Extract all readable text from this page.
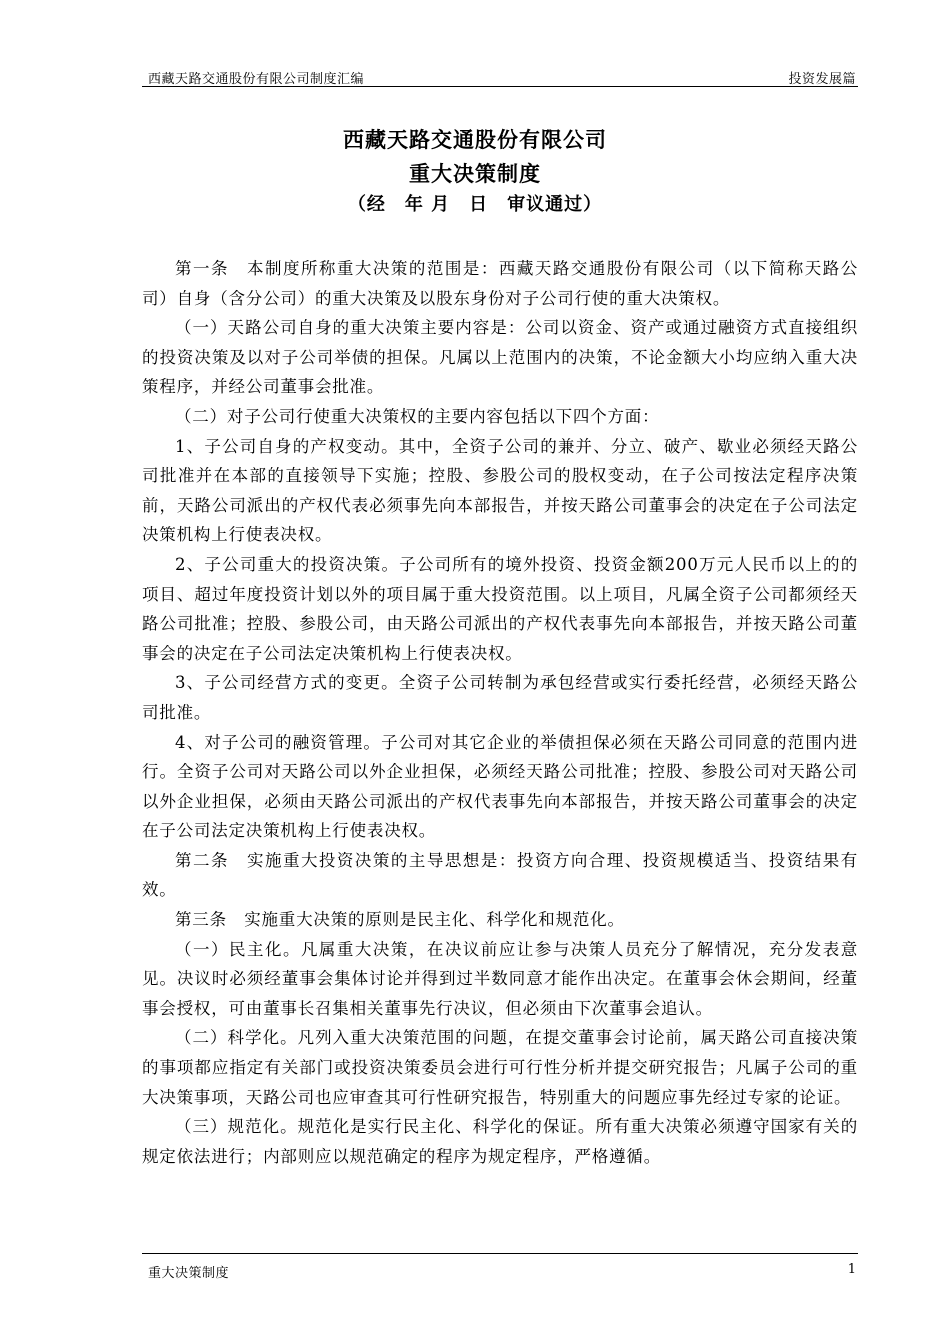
西藏天路交通股份有限公司制度汇编	投资发展篇
西藏天路交通股份有限公司
重大决策制度
（经　年 月　日　审议通过）

第一条　本制度所称重大决策的范围是：西藏天路交通股份有限公司（以下简称天路公司）自身（含分公司）的重大决策及以股东身份对子公司行使的重大决策权。

（一）天路公司自身的重大决策主要内容是：公司以资金、资产或通过融资方式直接组织的投资决策及以对子公司举债的担保。凡属以上范围内的决策，不论金额大小均应纳入重大决策程序，并经公司董事会批准。

（二）对子公司行使重大决策权的主要内容包括以下四个方面：

1、子公司自身的产权变动。其中，全资子公司的兼并、分立、破产、歇业必须经天路公司批准并在本部的直接领导下实施；控股、参股公司的股权变动，在子公司按法定程序决策前，天路公司派出的产权代表必须事先向本部报告，并按天路公司董事会的决定在子公司法定决策机构上行使表决权。

2、子公司重大的投资决策。子公司所有的境外投资、投资金额200万元人民币以上的的项目、超过年度投资计划以外的项目属于重大投资范围。以上项目，凡属全资子公司都须经天路公司批准；控股、参股公司，由天路公司派出的产权代表事先向本部报告，并按天路公司董事会的决定在子公司法定决策机构上行使表决权。

3、子公司经营方式的变更。全资子公司转制为承包经营或实行委托经营，必须经天路公司批准。

4、对子公司的融资管理。子公司对其它企业的举债担保必须在天路公司同意的范围内进行。全资子公司对天路公司以外企业担保，必须经天路公司批准；控股、参股公司对天路公司以外企业担保，必须由天路公司派出的产权代表事先向本部报告，并按天路公司董事会的决定在子公司法定决策机构上行使表决权。

第二条　实施重大投资决策的主导思想是：投资方向合理、投资规模适当、投资结果有效。

第三条　实施重大决策的原则是民主化、科学化和规范化。

（一）民主化。凡属重大决策，在决议前应让参与决策人员充分了解情况，充分发表意见。决议时必须经董事会集体讨论并得到过半数同意才能作出决定。在董事会休会期间，经董事会授权，可由董事长召集相关董事先行决议，但必须由下次董事会追认。

（二）科学化。凡列入重大决策范围的问题，在提交董事会讨论前，属天路公司直接决策的事项都应指定有关部门或投资决策委员会进行可行性分析并提交研究报告；凡属子公司的重大决策事项，天路公司也应审查其可行性研究报告，特别重大的问题应事先经过专家的论证。

（三）规范化。规范化是实行民主化、科学化的保证。所有重大决策必须遵守国家有关的规定依法进行；内部则应以规范确定的程序为规定程序，严格遵循。

重大决策制度	1
